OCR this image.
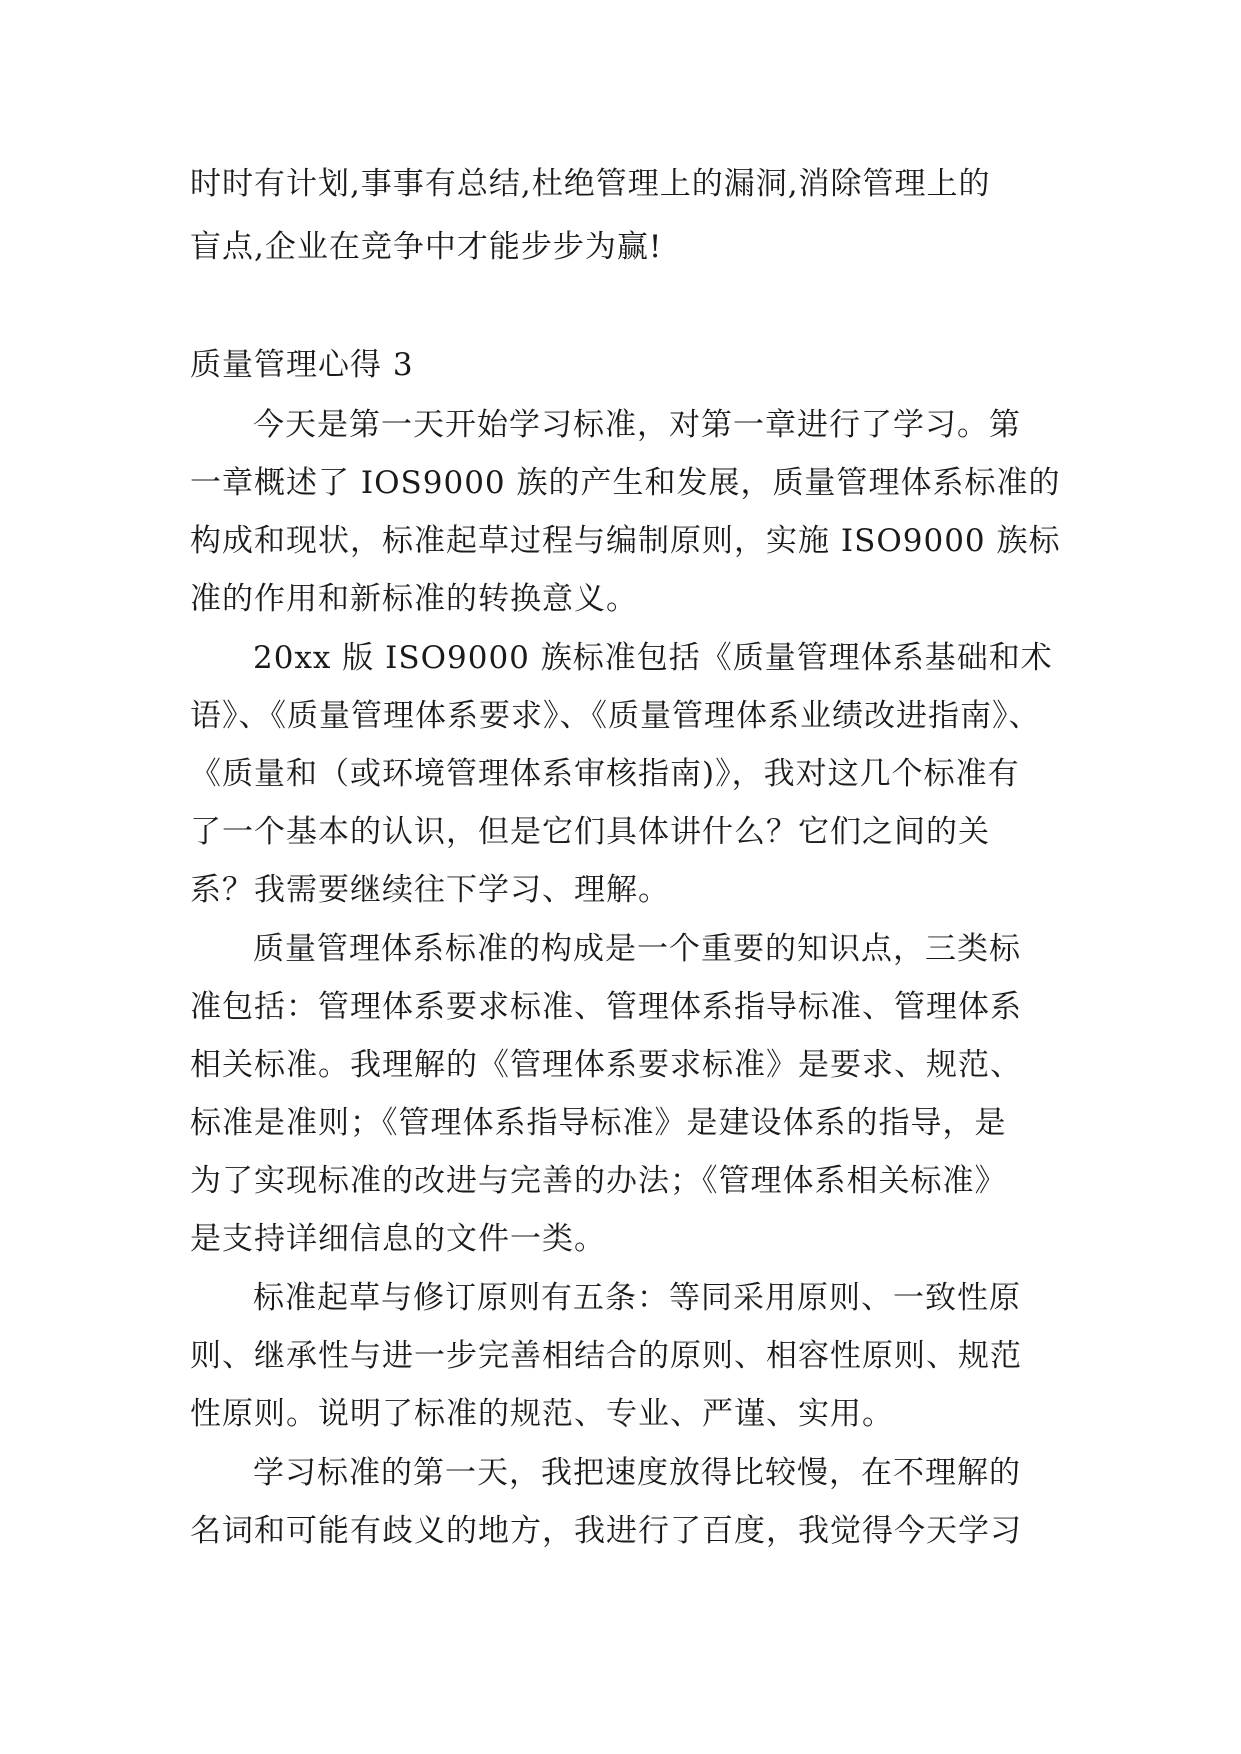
时时有计划,事事有总结,杜绝管理上的漏洞,消除管理上的
盲点,企业在竞争中才能步步为赢!
质量管理心得 3
今天是第一天开始学习标准，对第一章进行了学习。第
一章概述了 IOS9000 族的产生和发展，质量管理体系标准的
构成和现状，标准起草过程与编制原则，实施 ISO9000 族标
准的作用和新标准的转换意义。
20xx 版 ISO9000 族标准包括《质量管理体系基础和术
语》、《质量管理体系要求》、《质量管理体系业绩改进指南》、
《质量和（或环境管理体系审核指南)》，我对这几个标准有
了一个基本的认识，但是它们具体讲什么？它们之间的关
系？我需要继续往下学习、理解。
质量管理体系标准的构成是一个重要的知识点，三类标
准包括：管理体系要求标准、管理体系指导标准、管理体系
相关标准。我理解的《管理体系要求标准》是要求、规范、
标准是准则；《管理体系指导标准》是建设体系的指导，是
为了实现标准的改进与完善的办法；《管理体系相关标准》
是支持详细信息的文件一类。
标准起草与修订原则有五条：等同采用原则、一致性原
则、继承性与进一步完善相结合的原则、相容性原则、规范
性原则。说明了标准的规范、专业、严谨、实用。
学习标准的第一天，我把速度放得比较慢，在不理解的
名词和可能有歧义的地方，我进行了百度，我觉得今天学习
